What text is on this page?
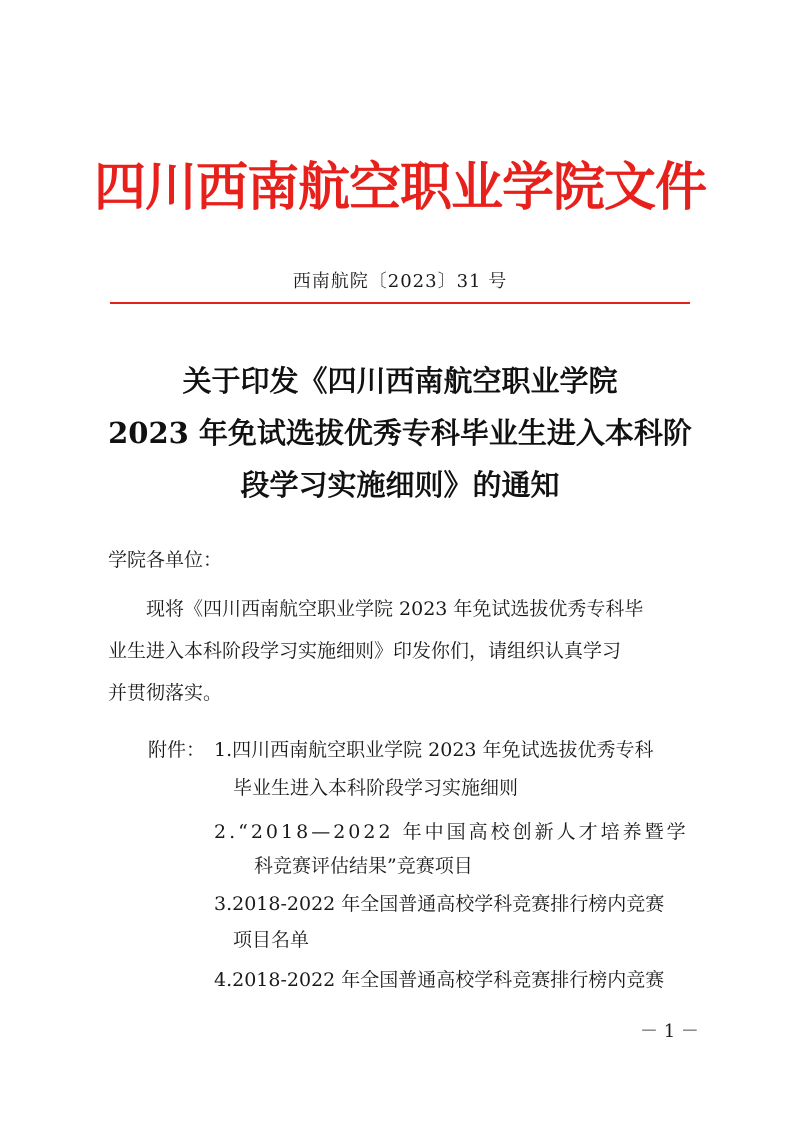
四川西南航空职业学院文件
西南航院〔2023〕31 号
关于印发《四川西南航空职业学院
2023 年免试选拔优秀专科毕业生进入本科阶
段学习实施细则》的通知
学院各单位：
　　现将《四川西南航空职业学院 2023 年免试选拔优秀专科毕
业生进入本科阶段学习实施细则》印发你们，请组织认真学习
并贯彻落实。
附件： 1.四川西南航空职业学院 2023 年免试选拔优秀专科
毕业生进入本科阶段学习实施细则
2.“2018—2022 年中国高校创新人才培养暨学
科竞赛评估结果”竞赛项目
3.2018-2022 年全国普通高校学科竞赛排行榜内竞赛
项目名单
4.2018-2022 年全国普通高校学科竞赛排行榜内竞赛
－ 1 －
